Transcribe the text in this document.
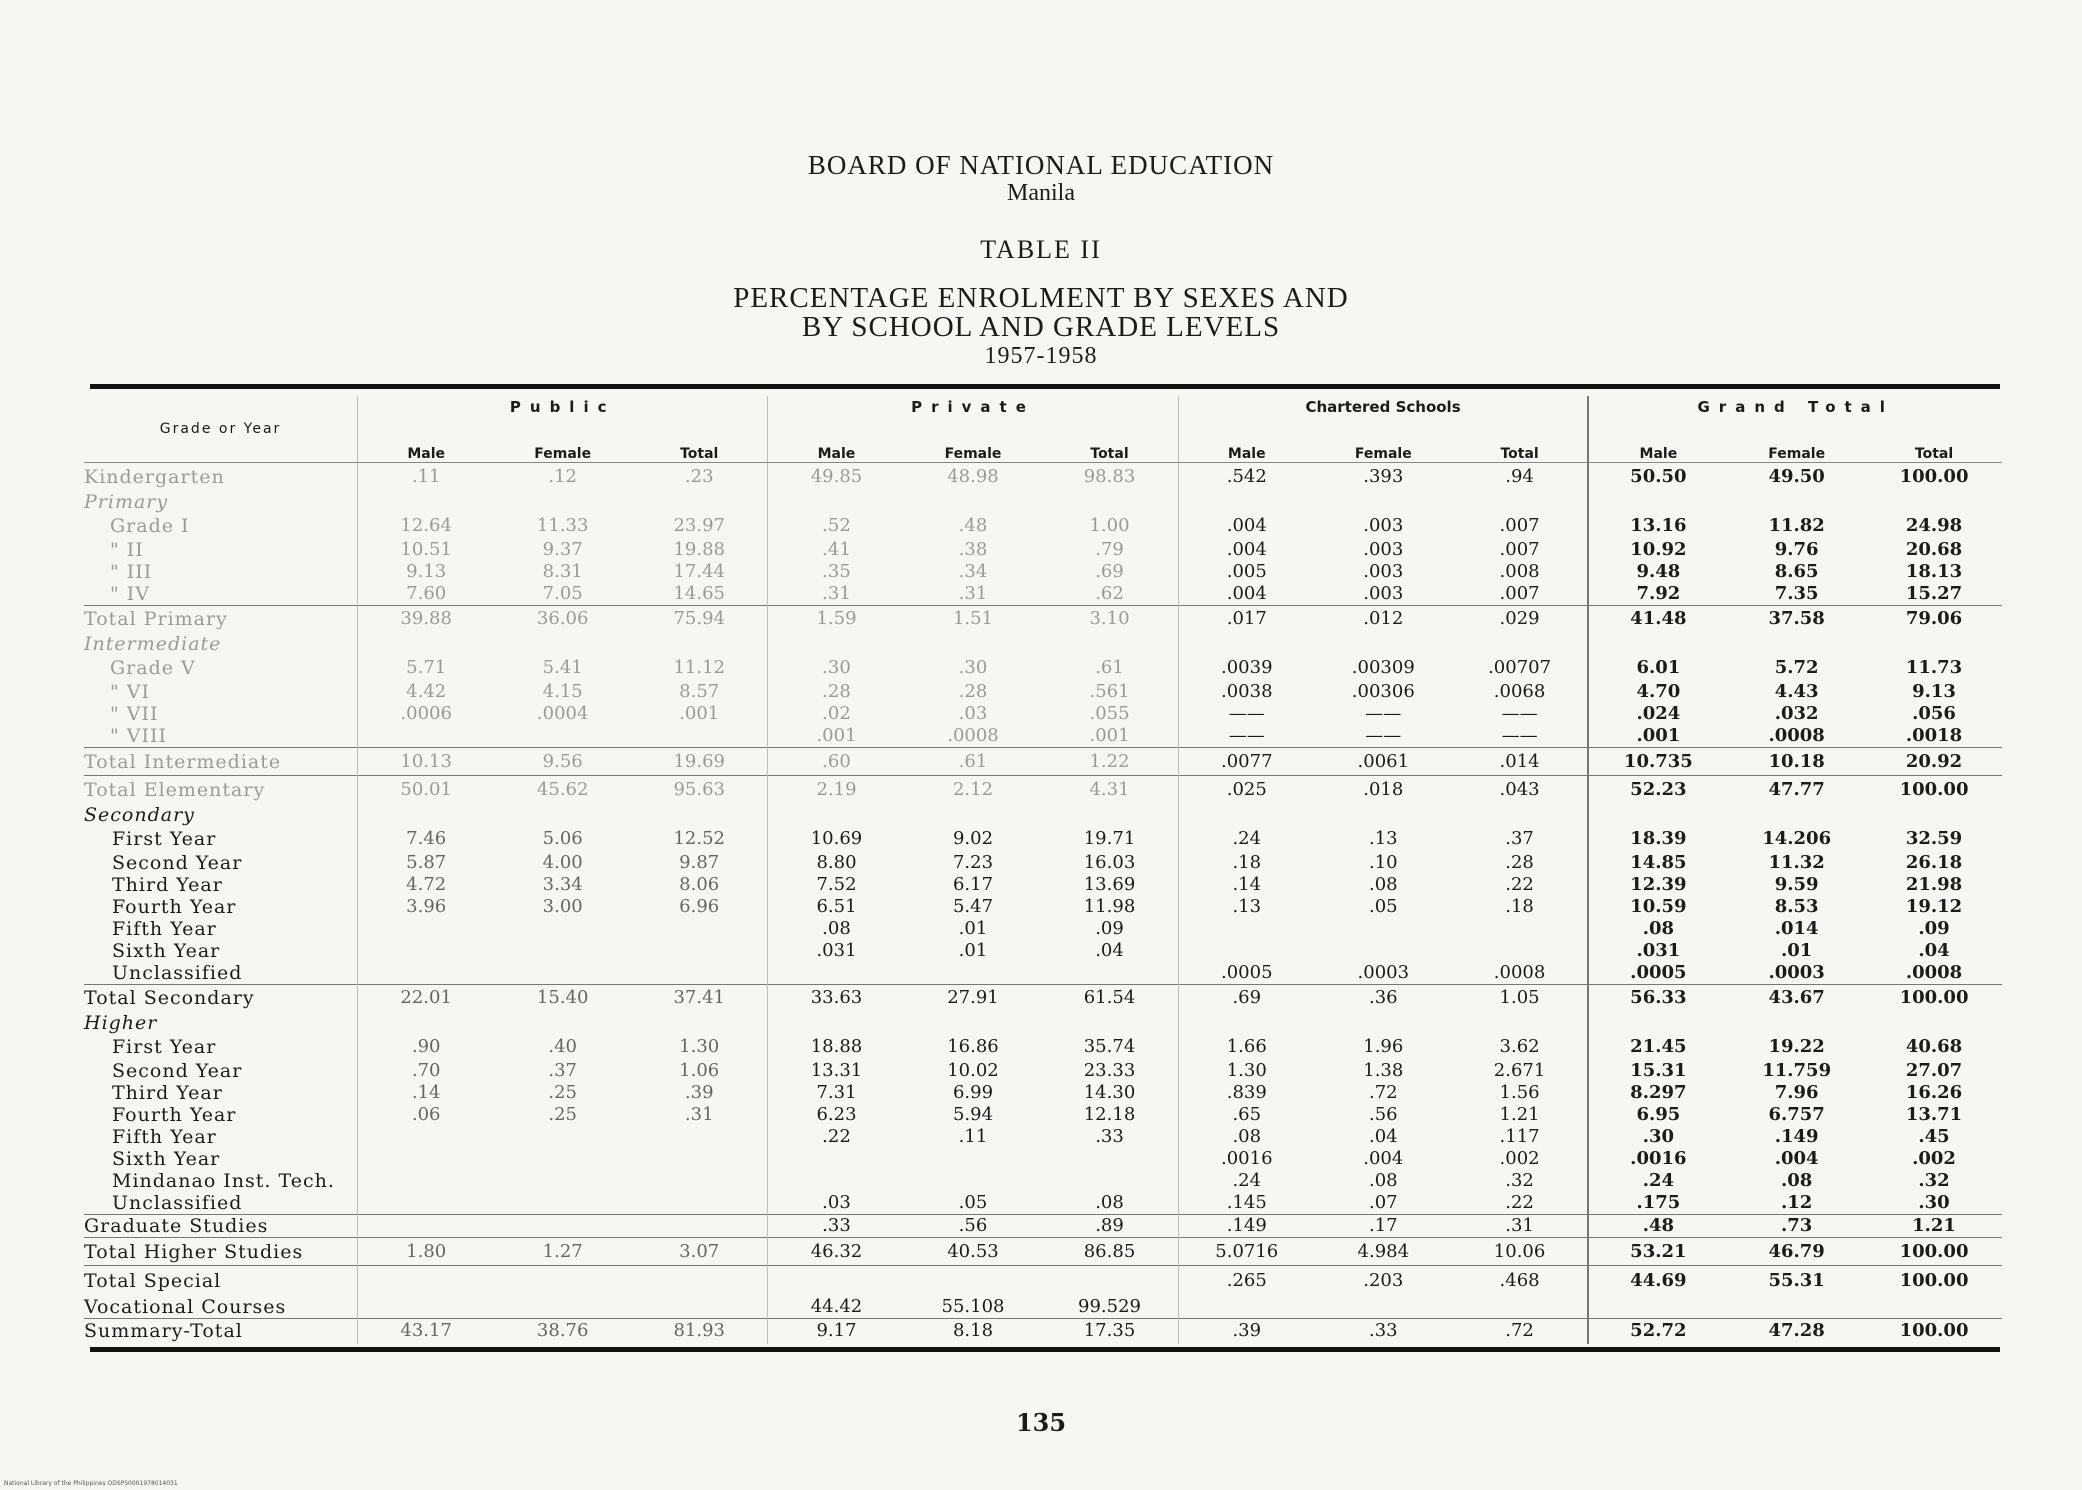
BOARD OF NATIONAL EDUCATION
Manila
TABLE II
PERCENTAGE ENROLMENT BY SEXES AND
BY SCHOOL AND GRADE LEVELS
1957-1958
Grade or Year	Public			Private			Chartered Schools			Grand Total		
	Male	Female	Total	Male	Female	Total	Male	Female	Total	Male	Female	Total
Kindergarten	.11	.12	.23	49.85	48.98	98.83	.542	.393	.94	50.50	49.50	100.00
Primary												
Grade I	12.64	11.33	23.97	.52	.48	1.00	.004	.003	.007	13.16	11.82	24.98
" II	10.51	9.37	19.88	.41	.38	.79	.004	.003	.007	10.92	9.76	20.68
" III	9.13	8.31	17.44	.35	.34	.69	.005	.003	.008	9.48	8.65	18.13
" IV	7.60	7.05	14.65	.31	.31	.62	.004	.003	.007	7.92	7.35	15.27
Total Primary	39.88	36.06	75.94	1.59	1.51	3.10	.017	.012	.029	41.48	37.58	79.06
Intermediate												
Grade V	5.71	5.41	11.12	.30	.30	.61	.0039	.00309	.00707	6.01	5.72	11.73
" VI	4.42	4.15	8.57	.28	.28	.561	.0038	.00306	.0068	4.70	4.43	9.13
" VII	.0006	.0004	.001	.02	.03	.055	——	——	——	.024	.032	.056
" VIII				.001	.0008	.001	——	——	——	.001	.0008	.0018
Total Intermediate	10.13	9.56	19.69	.60	.61	1.22	.0077	.0061	.014	10.735	10.18	20.92
Total Elementary	50.01	45.62	95.63	2.19	2.12	4.31	.025	.018	.043	52.23	47.77	100.00
Secondary												
First Year	7.46	5.06	12.52	10.69	9.02	19.71	.24	.13	.37	18.39	14.206	32.59
Second Year	5.87	4.00	9.87	8.80	7.23	16.03	.18	.10	.28	14.85	11.32	26.18
Third Year	4.72	3.34	8.06	7.52	6.17	13.69	.14	.08	.22	12.39	9.59	21.98
Fourth Year	3.96	3.00	6.96	6.51	5.47	11.98	.13	.05	.18	10.59	8.53	19.12
Fifth Year				.08	.01	.09				.08	.014	.09
Sixth Year				.031	.01	.04				.031	.01	.04
Unclassified							.0005	.0003	.0008	.0005	.0003	.0008
Total Secondary	22.01	15.40	37.41	33.63	27.91	61.54	.69	.36	1.05	56.33	43.67	100.00
Higher												
First Year	.90	.40	1.30	18.88	16.86	35.74	1.66	1.96	3.62	21.45	19.22	40.68
Second Year	.70	.37	1.06	13.31	10.02	23.33	1.30	1.38	2.671	15.31	11.759	27.07
Third Year	.14	.25	.39	7.31	6.99	14.30	.839	.72	1.56	8.297	7.96	16.26
Fourth Year	.06	.25	.31	6.23	5.94	12.18	.65	.56	1.21	6.95	6.757	13.71
Fifth Year				.22	.11	.33	.08	.04	.117	.30	.149	.45
Sixth Year							.0016	.004	.002	.0016	.004	.002
Mindanao Inst. Tech.							.24	.08	.32	.24	.08	.32
Unclassified				.03	.05	.08	.145	.07	.22	.175	.12	.30
Graduate Studies				.33	.56	.89	.149	.17	.31	.48	.73	1.21
Total Higher Studies	1.80	1.27	3.07	46.32	40.53	86.85	5.0716	4.984	10.06	53.21	46.79	100.00
Total Special							.265	.203	.468	44.69	55.31	100.00
Vocational Courses				44.42	55.108	99.529						
Summary-Total	43.17	38.76	81.93	9.17	8.18	17.35	.39	.33	.72	52.72	47.28	100.00
135
National Library of the Philippines ODSPS0001978014031
